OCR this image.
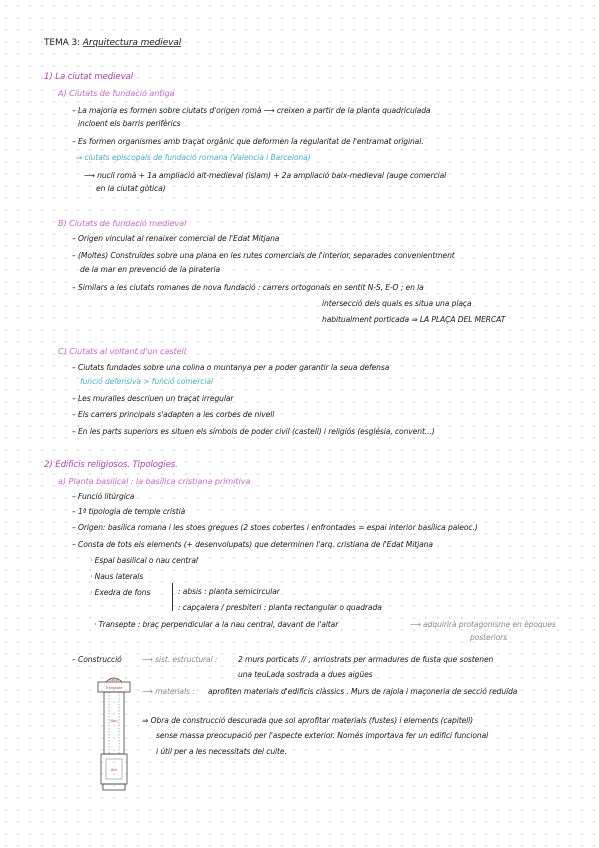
TEMA 3: Arquitectura medieval
1) La ciutat medieval
A) Ciutats de fundació antiga
– La majoria es formen sobre ciutats d'origen romà ⟶ creixen a partir de la planta quadriculada
incloent els barris perifèrics
– Es formen organismes amb traçat orgànic que deformen la regularitat de l'entramat original.
⇒ ciutats episcopals de fundació romana (Valencia i Barcelona)
⟶ nucli romà + 1a ampliació alt-medieval (islam) + 2a ampliació baix-medieval (auge comercial
en la ciutat gòtica)
B) Ciutats de fundació medieval
– Origen vinculat al renaixer comercial de l'Edat Mitjana
– (Moltes) Construïdes sobre una plana en les rutes comercials de l'interior, separades convenientment
de la mar en prevenció de la pirateria
– Similars a les ciutats romanes de nova fundació : carrers ortogonals en sentit N-S, E-O ; en la
intersecció dels quals es situa una plaça
habitualment porticada ⇒ LA PLAÇA DEL MERCAT
C) Ciutats al voltant d'un castell
– Ciutats fundades sobre una colina o muntanya per a poder garantir la seua defensa
funció defensiva > funció comercial
– Les muralles descriuen un traçat irregular
– Els carrers principals s'adapten a les corbes de nivell
– En les parts superiors es situen els símbols de poder civil (castell) i religiós (església, convent...)
2) Edificis religiosos. Tipologies.
a) Planta basilical : la basílica cristiana primitiva
– Funció litúrgica
– 1ª tipologia de temple cristià
– Origen: basílica romana i les stoes gregues (2 stoes cobertes i enfrontades = espai interior basílica paleoc.)
– Consta de tots els elements (+ desenvolupats) que determinen l'arq. cristiana de l'Edat Mitjana
· Espai basilical o nau central
· Naus laterals
· Exedra de fons	: absis : planta semicircular
: capçalera / presbiteri : planta rectangular o quadrada
· Transepte : braç perpendicular a la nau central, davant de l'altar	⟶ adquirirà protagonisme en èpoques
posteriors
– Construcció	⟶ sist. estructural :	2 murs porticats // , arriostrats per armadures de fusta que sostenen
una teuLada sostrada a dues aigües
⟶ materials : aprofiten materials d'edificis clàssics . Murs de rajola i maçoneria de secció reduïda
⇒ Obra de construcció descurada que sol aprofitar materials (fustes) i elements (capitell)
sense massa preocupació per l'aspecte exterior. Només importava fer un edifici funcional
i útil per a les necessitats del culte.
Absis
Transepte
Nau
Atri
